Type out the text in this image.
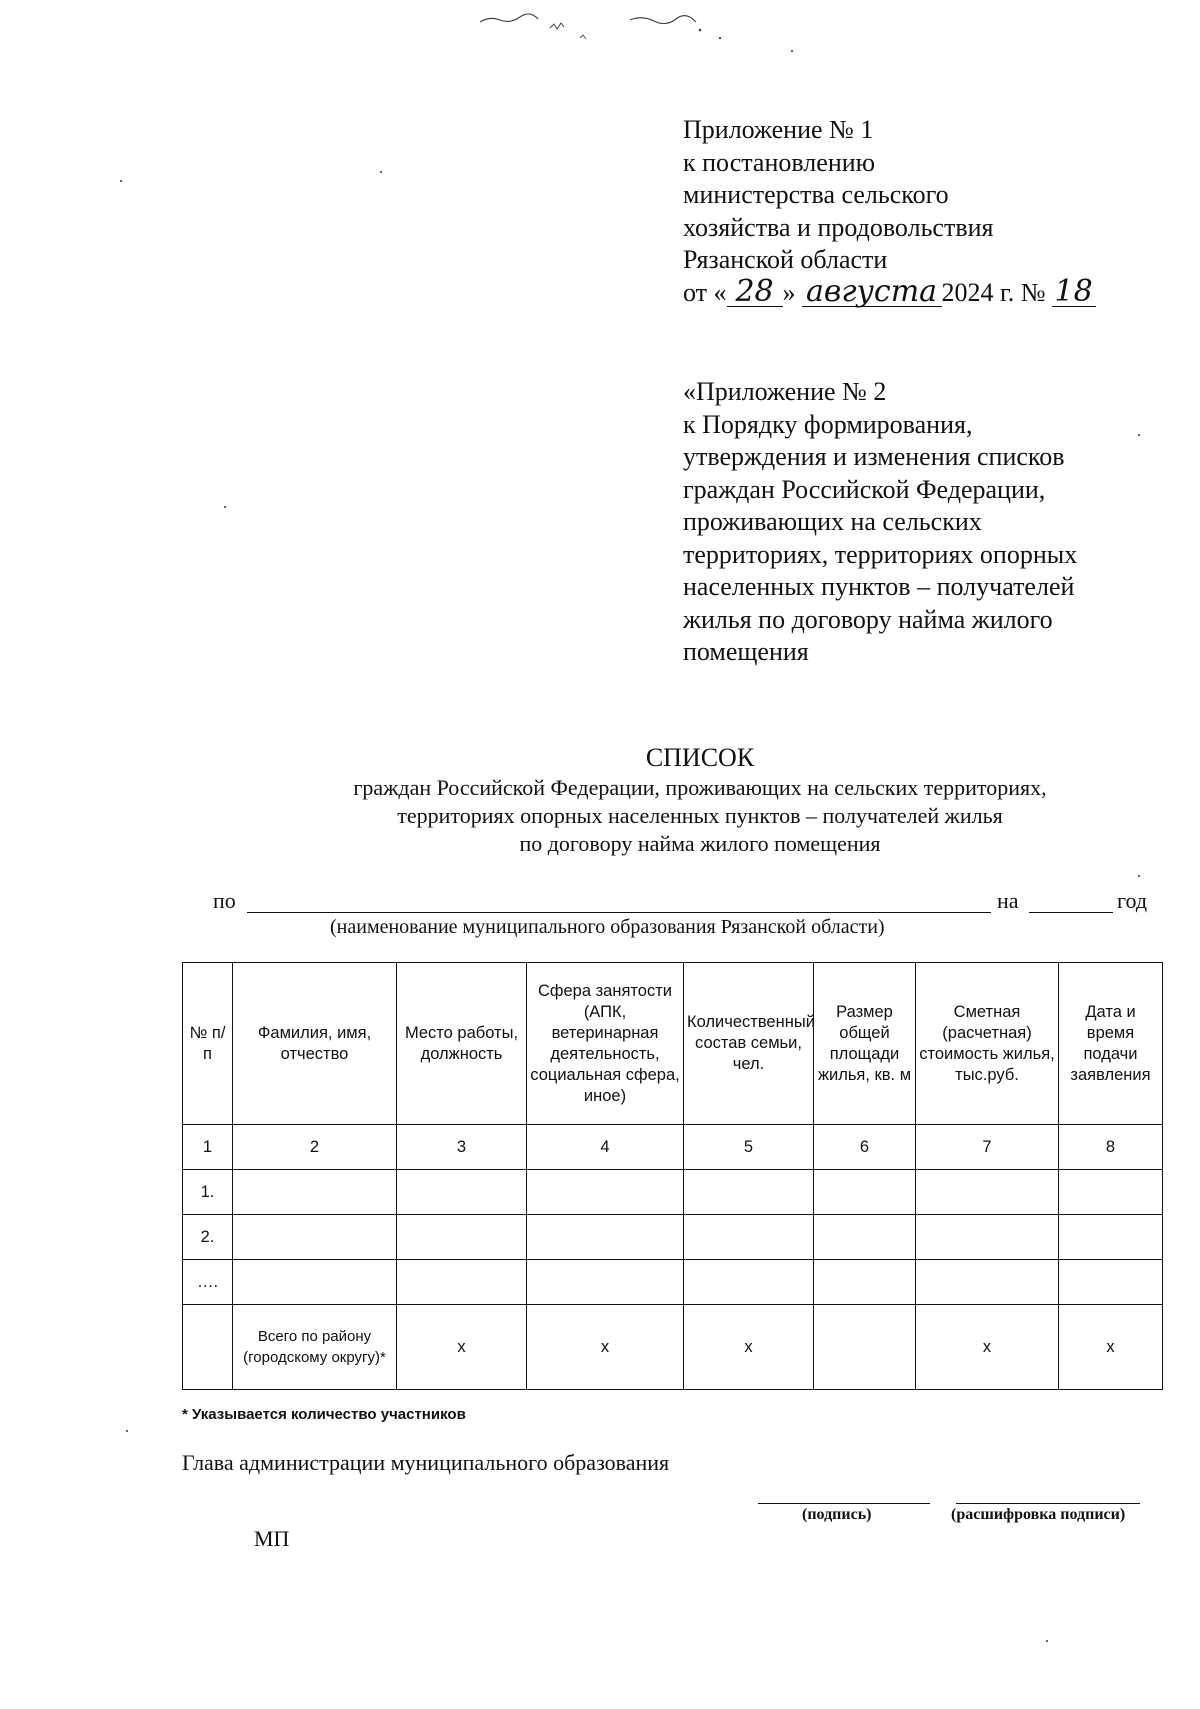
Приложение № 1
к постановлению
министерства сельского
хозяйства и продовольствия
Рязанской области
от « 28 » августа 2024 г. № 18
«Приложение № 2
к Порядку формирования,
утверждения и изменения списков
граждан Российской Федерации,
проживающих на сельских
территориях, территориях опорных
населенных пунктов – получателей
жилья по договору найма жилого
помещения
СПИСОК
граждан Российской Федерации, проживающих на сельских территориях,
территориях опорных населенных пунктов – получателей жилья
по договору найма жилого помещения
по	на	год
(наименование муниципального образования Рязанской области)
№ п/п	Фамилия, имя, отчество	Место работы, должность	Сфера занятости (АПК, ветеринарная деятельность, социальная сфера, иное)	Количественный состав семьи, чел.	Размер общей площади жилья, кв. м	Сметная (расчетная) стоимость жилья, тыс.руб.	Дата и время подачи заявления
1	2	3	4	5	6	7	8
1.							
2.							
….							
	Всего по району (городскому округу)*	x	x	x		x	x
* Указывается количество участников
Глава администрации муниципального образования
(подпись)	(расшифровка подписи)
МП
